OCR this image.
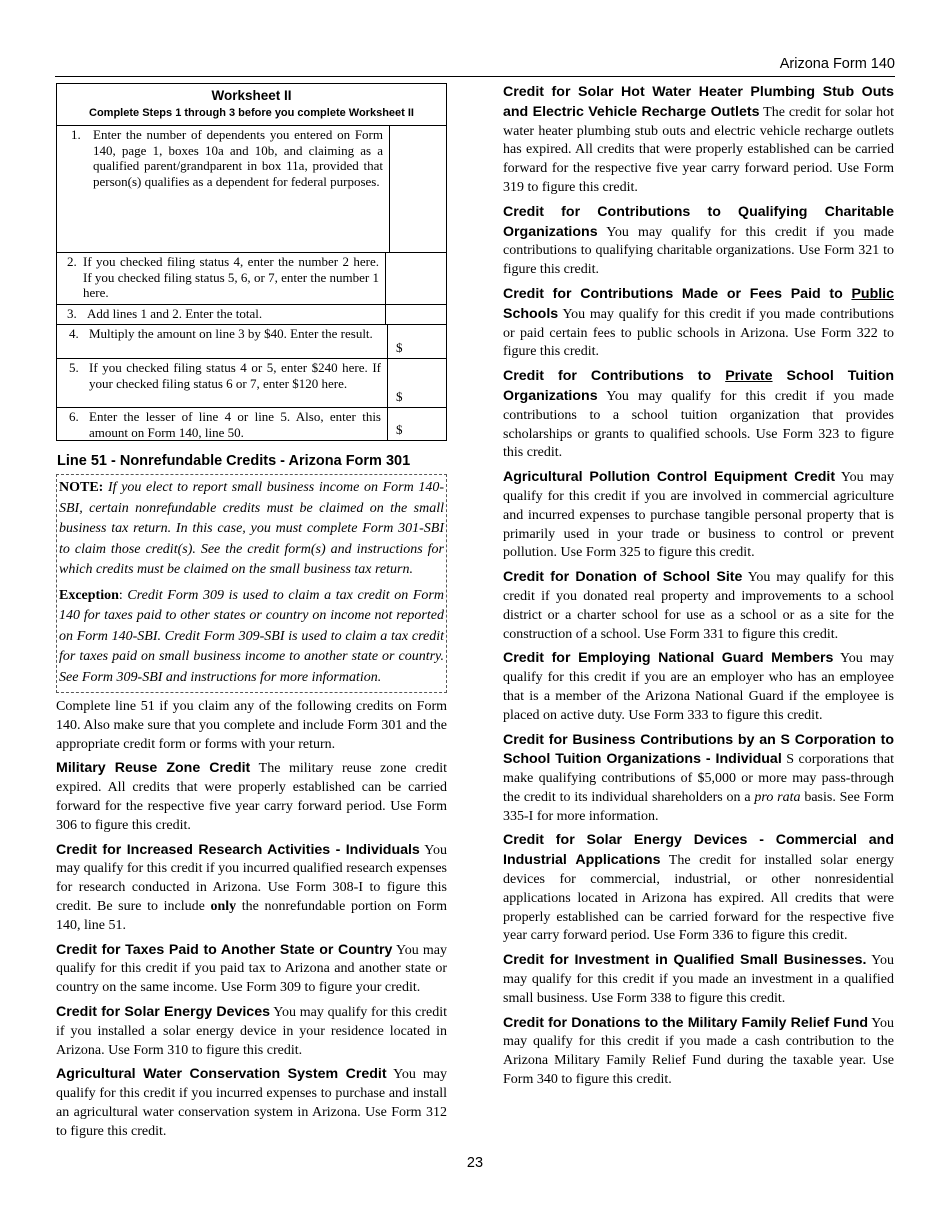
Arizona Form 140
Worksheet II
Complete Steps 1 through 3 before you complete Worksheet II
1. Enter the number of dependents you entered on Form 140, page 1, boxes 10a and 10b, and claiming as a qualified parent/grandparent in box 11a, provided that person(s) qualifies as a dependent for federal purposes.
2. If you checked filing status 4, enter the number 2 here. If you checked filing status 5, 6, or 7, enter the number 1 here.
3. Add lines 1 and 2. Enter the total.
4. Multiply the amount on line 3 by $40. Enter the result.
$
5. If you checked filing status 4 or 5, enter $240 here. If your checked filing status 6 or 7, enter $120 here.
$
6. Enter the lesser of line 4 or line 5. Also, enter this amount on Form 140, line 50.	$
Line 51 - Nonrefundable Credits - Arizona Form 301

NOTE: If you elect to report small business income on Form 140-SBI, certain nonrefundable credits must be claimed on the small business tax return. In this case, you must complete Form 301-SBI to claim those credit(s). See the credit form(s) and instructions for which credits must be claimed on the small business tax return.

Exception: Credit Form 309 is used to claim a tax credit on Form 140 for taxes paid to other states or country on income not reported on Form 140-SBI. Credit Form 309-SBI is used to claim a tax credit for taxes paid on small business income to another state or country. See Form 309-SBI and instructions for more information.

Complete line 51 if you claim any of the following credits on Form 140. Also make sure that you complete and include Form 301 and the appropriate credit form or forms with your return.

Military Reuse Zone Credit The military reuse zone credit expired. All credits that were properly established can be carried forward for the respective five year carry forward period. Use Form 306 to figure this credit.

Credit for Increased Research Activities - Individuals You may qualify for this credit if you incurred qualified research expenses for research conducted in Arizona. Use Form 308-I to figure this credit. Be sure to include only the nonrefundable portion on Form 140, line 51.

Credit for Taxes Paid to Another State or Country You may qualify for this credit if you paid tax to Arizona and another state or country on the same income. Use Form 309 to figure your credit.

Credit for Solar Energy Devices You may qualify for this credit if you installed a solar energy device in your residence located in Arizona. Use Form 310 to figure this credit.

Agricultural Water Conservation System Credit You may qualify for this credit if you incurred expenses to purchase and install an agricultural water conservation system in Arizona. Use Form 312 to figure this credit.

Credit for Solar Hot Water Heater Plumbing Stub Outs and Electric Vehicle Recharge Outlets The credit for solar hot water heater plumbing stub outs and electric vehicle recharge outlets has expired. All credits that were properly established can be carried forward for the respective five year carry forward period. Use Form 319 to figure this credit.

Credit for Contributions to Qualifying Charitable Organizations You may qualify for this credit if you made contributions to qualifying charitable organizations. Use Form 321 to figure this credit.

Credit for Contributions Made or Fees Paid to Public Schools You may qualify for this credit if you made contributions or paid certain fees to public schools in Arizona. Use Form 322 to figure this credit.

Credit for Contributions to Private School Tuition Organizations You may qualify for this credit if you made contributions to a school tuition organization that provides scholarships or grants to qualified schools. Use Form 323 to figure this credit.

Agricultural Pollution Control Equipment Credit You may qualify for this credit if you are involved in commercial agriculture and incurred expenses to purchase tangible personal property that is primarily used in your trade or business to control or prevent pollution. Use Form 325 to figure this credit.

Credit for Donation of School Site You may qualify for this credit if you donated real property and improvements to a school district or a charter school for use as a school or as a site for the construction of a school. Use Form 331 to figure this credit.

Credit for Employing National Guard Members You may qualify for this credit if you are an employer who has an employee that is a member of the Arizona National Guard if the employee is placed on active duty. Use Form 333 to figure this credit.

Credit for Business Contributions by an S Corporation to School Tuition Organizations - Individual S corporations that make qualifying contributions of $5,000 or more may pass-through the credit to its individual shareholders on a pro rata basis. See Form 335-I for more information.

Credit for Solar Energy Devices - Commercial and Industrial Applications The credit for installed solar energy devices for commercial, industrial, or other nonresidential applications located in Arizona has expired. All credits that were properly established can be carried forward for the respective five year carry forward period. Use Form 336 to figure this credit.

Credit for Investment in Qualified Small Businesses. You may qualify for this credit if you made an investment in a qualified small business. Use Form 338 to figure this credit.

Credit for Donations to the Military Family Relief Fund You may qualify for this credit if you made a cash contribution to the Arizona Military Family Relief Fund during the taxable year. Use Form 340 to figure this credit.

23
